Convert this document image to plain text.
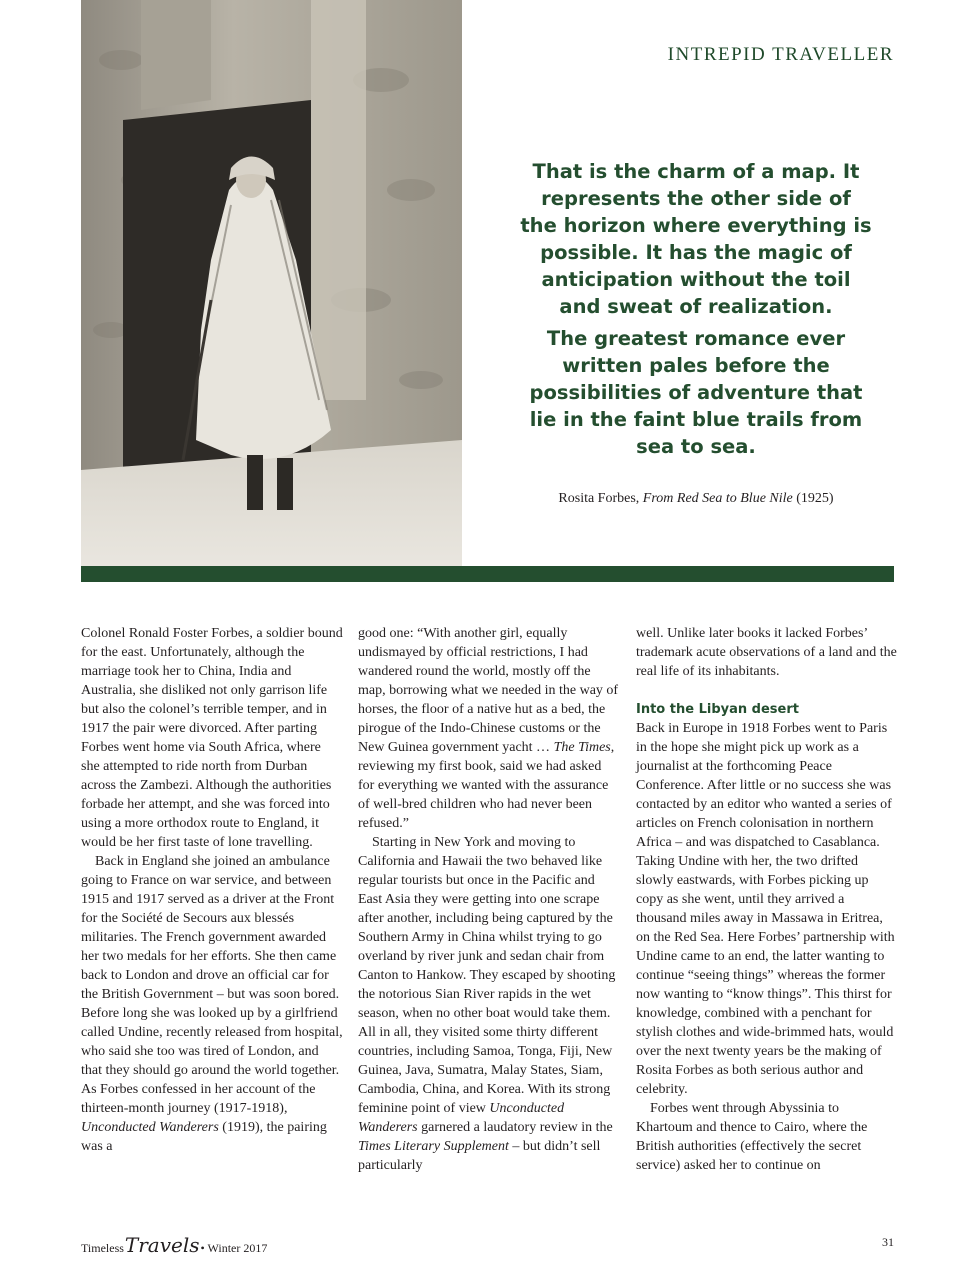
INTREPID TRAVELLER

That is the charm of a map. It represents the other side of the horizon where everything is possible. It has the magic of anticipation without the toil and sweat of realization.

The greatest romance ever written pales before the possibilities of adventure that lie in the faint blue trails from sea to sea.

Rosita Forbes, From Red Sea to Blue Nile (1925)

Colonel Ronald Foster Forbes, a soldier bound for the east. Unfortunately, although the marriage took her to China, India and Australia, she disliked not only garrison life but also the colonel’s terrible temper, and in 1917 the pair were divorced. After parting Forbes went home via South Africa, where she attempted to ride north from Durban across the Zambezi. Although the authorities forbade her attempt, and she was forced into using a more orthodox route to England, it would be her first taste of lone travelling.

Back in England she joined an ambulance going to France on war service, and between 1915 and 1917 served as a driver at the Front for the Société de Secours aux blessés militaries. The French government awarded her two medals for her efforts. She then came back to London and drove an official car for the British Government – but was soon bored. Before long she was looked up by a girlfriend called Undine, recently released from hospital, who said she too was tired of London, and that they should go around the world together. As Forbes confessed in her account of the thirteen-month journey (1917-1918), Unconducted Wanderers (1919), the pairing was a

good one: “With another girl, equally undismayed by official restrictions, I had wandered round the world, mostly off the map, borrowing what we needed in the way of horses, the floor of a native hut as a bed, the pirogue of the Indo-Chinese customs or the New Guinea government yacht … The Times, reviewing my first book, said we had asked for everything we wanted with the assurance of well-bred children who had never been refused.”

Starting in New York and moving to California and Hawaii the two behaved like regular tourists but once in the Pacific and East Asia they were getting into one scrape after another, including being captured by the Southern Army in China whilst trying to go overland by river junk and sedan chair from Canton to Hankow. They escaped by shooting the notorious Sian River rapids in the wet season, when no other boat would take them. All in all, they visited some thirty different countries, including Samoa, Tonga, Fiji, New Guinea, Java, Sumatra, Malay States, Siam, Cambodia, China, and Korea. With its strong feminine point of view Unconducted Wanderers garnered a laudatory review in the Times Literary Supplement – but didn’t sell particularly

well. Unlike later books it lacked Forbes’ trademark acute observations of a land and the real life of its inhabitants.

Into the Libyan desert

Back in Europe in 1918 Forbes went to Paris in the hope she might pick up work as a journalist at the forthcoming Peace Conference. After little or no success she was contacted by an editor who wanted a series of articles on French colonisation in northern Africa – and was dispatched to Casablanca. Taking Undine with her, the two drifted slowly eastwards, with Forbes picking up copy as she went, until they arrived a thousand miles away in Massawa in Eritrea, on the Red Sea. Here Forbes’ partnership with Undine came to an end, the latter wanting to continue “seeing things” whereas the former now wanting to “know things”. This thirst for knowledge, combined with a penchant for stylish clothes and wide-brimmed hats, would over the next twenty years be the making of Rosita Forbes as both serious author and celebrity.

Forbes went through Abyssinia to Khartoum and thence to Cairo, where the British authorities (effectively the secret service) asked her to continue on

Timeless Travels • Winter 2017	31
